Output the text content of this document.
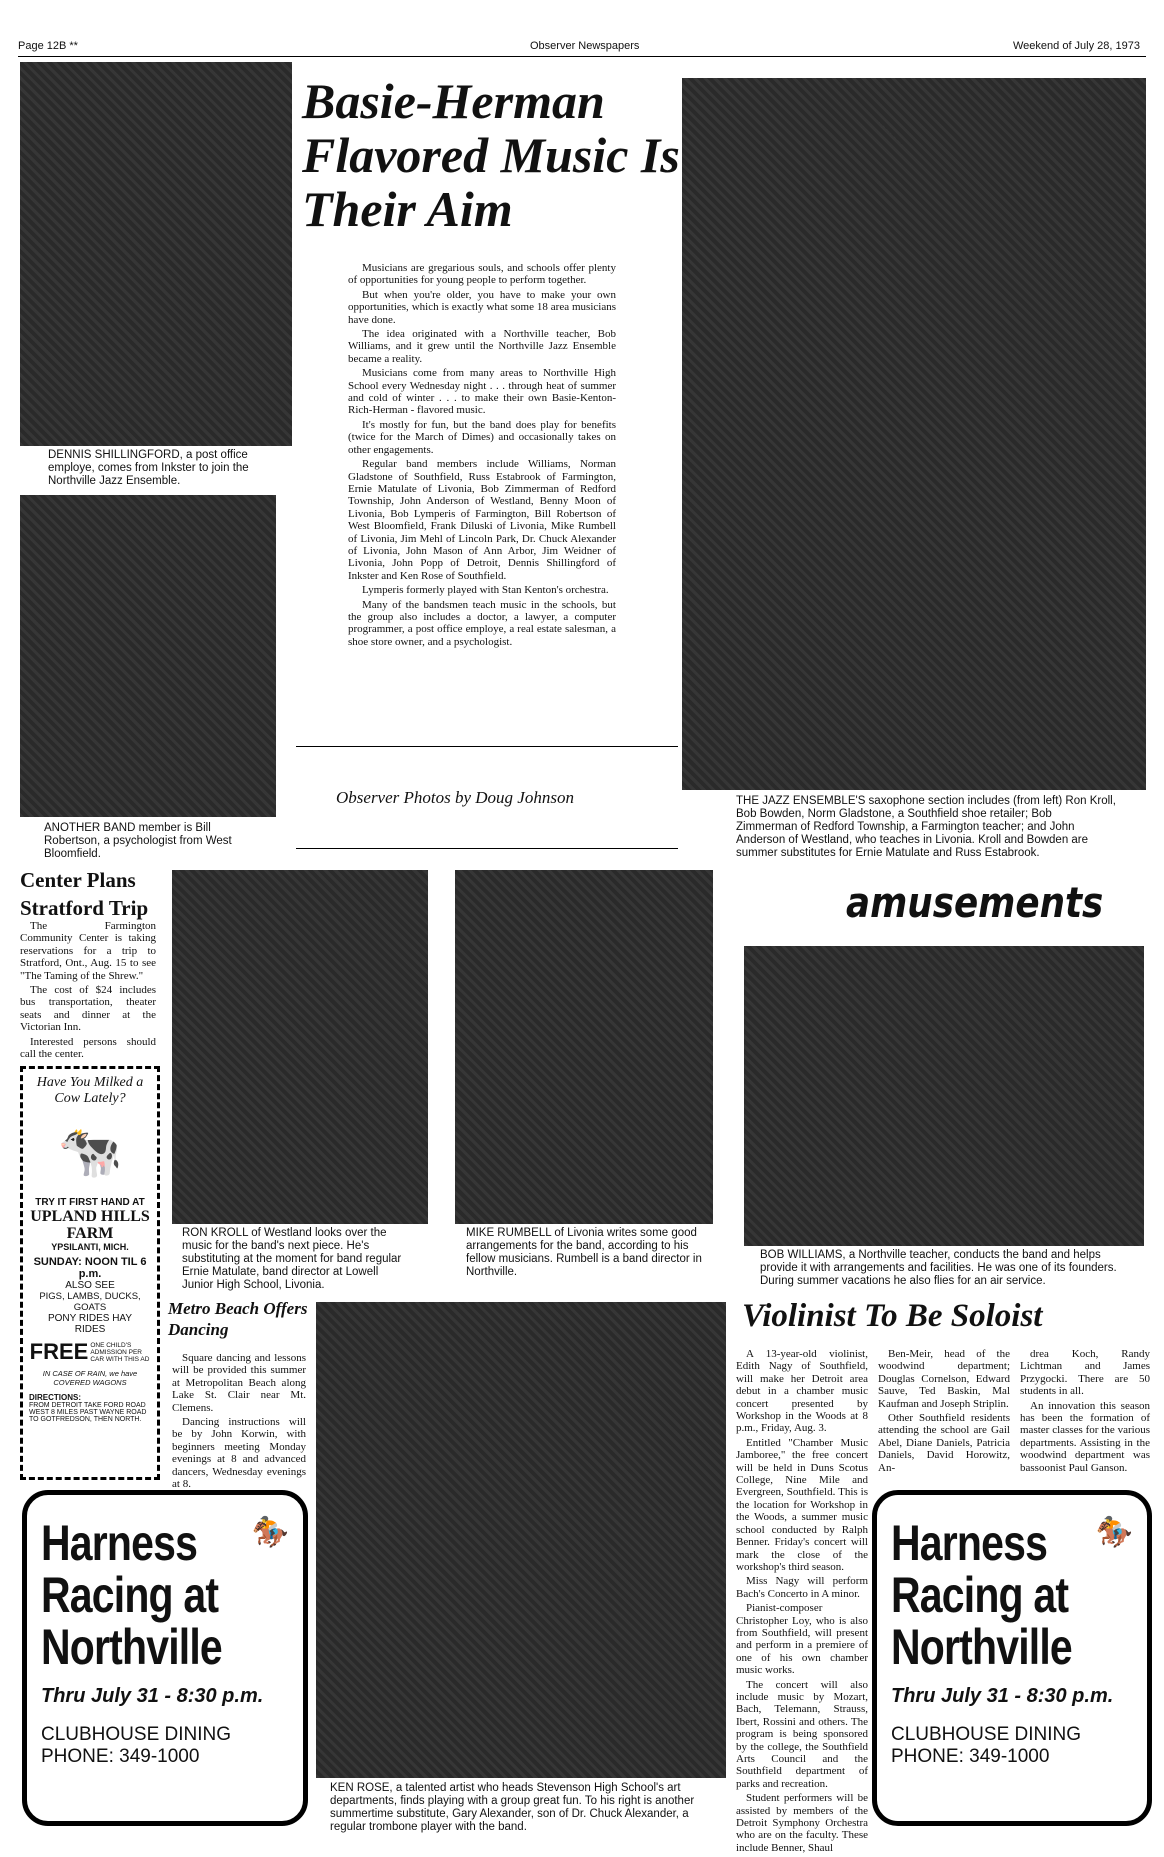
Page 12B **	Observer Newspapers	Weekend of July 28, 1973
DENNIS SHILLINGFORD, a post office employe, comes from Inkster to join the Northville Jazz Ensemble.
ANOTHER BAND member is Bill Robertson, a psychologist from West Bloomfield.
Basie-Herman Flavored Music Is Their Aim

Musicians are gregarious souls, and schools offer plenty of opportunities for young people to perform together.

But when you're older, you have to make your own opportunities, which is exactly what some 18 area musicians have done.

The idea originated with a Northville teacher, Bob Williams, and it grew until the Northville Jazz Ensemble became a reality.

Musicians come from many areas to Northville High School every Wednesday night . . . through heat of summer and cold of winter . . . to make their own Basie-Kenton-Rich-Herman - flavored music.

It's mostly for fun, but the band does play for benefits (twice for the March of Dimes) and occasionally takes on other engagements.

Regular band members include Williams, Norman Gladstone of Southfield, Russ Estabrook of Farmington, Ernie Matulate of Livonia, Bob Zimmerman of Redford Township, John Anderson of Westland, Benny Moon of Livonia, Bob Lymperis of Farmington, Bill Robertson of West Bloomfield, Frank Diluski of Livonia, Mike Rumbell of Livonia, Jim Mehl of Lincoln Park, Dr. Chuck Alexander of Livonia, John Mason of Ann Arbor, Jim Weidner of Livonia, John Popp of Detroit, Dennis Shillingford of Inkster and Ken Rose of Southfield.

Lymperis formerly played with Stan Kenton's orchestra.

Many of the bandsmen teach music in the schools, but the group also includes a doctor, a lawyer, a computer programmer, a post office employe, a real estate salesman, a shoe store owner, and a psychologist.

Observer Photos by Doug Johnson	THE JAZZ ENSEMBLE'S saxophone section includes (from left) Ron Kroll, Bob Bowden, Norm Gladstone, a Southfield shoe retailer; Bob Zimmerman of Redford Township, a Farmington teacher; and John Anderson of Westland, who teaches in Livonia. Kroll and Bowden are summer substitutes for Ernie Matulate and Russ Estabrook.
Center Plans Stratford Trip

The Farmington Community Center is taking reservations for a trip to Stratford, Ont., Aug. 15 to see "The Taming of the Shrew."

The cost of $24 includes bus transportation, theater seats and dinner at the Victorian Inn.

Interested persons should call the center.

Have You Milked a Cow Lately?
🐄
TRY IT FIRST HAND AT
UPLAND HILLS FARM
YPSILANTI, MICH.
SUNDAY: NOON TIL 6 p.m.
ALSO SEE
PIGS, LAMBS, DUCKS, GOATS
PONY RIDES HAY RIDES
FREE ONE CHILD'S ADMISSION PER CAR WITH THIS AD
IN CASE OF RAIN, we have COVERED WAGONS
DIRECTIONS:
FROM DETROIT TAKE FORD ROAD WEST 8 MILES PAST WAYNE ROAD TO GOTFREDSON, THEN NORTH.
RON KROLL of Westland looks over the music for the band's next piece. He's substituting at the moment for band regular Ernie Matulate, band director at Lowell Junior High School, Livonia.
MIKE RUMBELL of Livonia writes some good arrangements for the band, according to his fellow musicians. Rumbell is a band director in Northville.
Metro Beach Offers Dancing

Square dancing and lessons will be provided this summer at Metropolitan Beach along Lake St. Clair near Mt. Clemens.

Dancing instructions will be by John Korwin, with beginners meeting Monday evenings at 8 and advanced dancers, Wednesday evenings at 8.

amusements
BOB WILLIAMS, a Northville teacher, conducts the band and helps provide it with arrangements and facilities. He was one of its founders. During summer vacations he also flies for an air service.
Violinist To Be Soloist

A 13-year-old violinist, Edith Nagy of Southfield, will make her Detroit area debut in a chamber music concert presented by Workshop in the Woods at 8 p.m., Friday, Aug. 3.

Entitled "Chamber Music Jamboree," the free concert will be held in Duns Scotus College, Nine Mile and Evergreen, Southfield. This is the location for Workshop in the Woods, a summer music school conducted by Ralph Benner. Friday's concert will mark the close of the workshop's third season.

Miss Nagy will perform Bach's Concerto in A minor.

Pianist-composer Christopher Loy, who is also from Southfield, will present and perform in a premiere of one of his own chamber music works.

The concert will also include music by Mozart, Bach, Telemann, Strauss, Ibert, Rossini and others. The program is being sponsored by the college, the Southfield Arts Council and the Southfield department of parks and recreation.

Student performers will be assisted by members of the Detroit Symphony Orchestra who are on the faculty. These include Benner, Shaul

Ben-Meir, head of the woodwind department; Douglas Cornelson, Edward Sauve, Ted Baskin, Mal Kaufman and Joseph Striplin.

Other Southfield residents attending the school are Gail Abel, Diane Daniels, Patricia Daniels, David Horowitz, An-

drea Koch, Randy Lichtman and James Przygocki. There are 50 students in all.

An innovation this season has been the formation of master classes for the various departments. Assisting in the woodwind department was bassoonist Paul Ganson.

KEN ROSE, a talented artist who heads Stevenson High School's art departments, finds playing with a group great fun. To his right is another summertime substitute, Gary Alexander, son of Dr. Chuck Alexander, a regular trombone player with the band.
🏇
Harness
Racing at
Northville
Thru July 31 - 8:30 p.m.
CLUBHOUSE DINING
PHONE: 349-1000
🏇
Harness
Racing at
Northville
Thru July 31 - 8:30 p.m.
CLUBHOUSE DINING
PHONE: 349-1000
